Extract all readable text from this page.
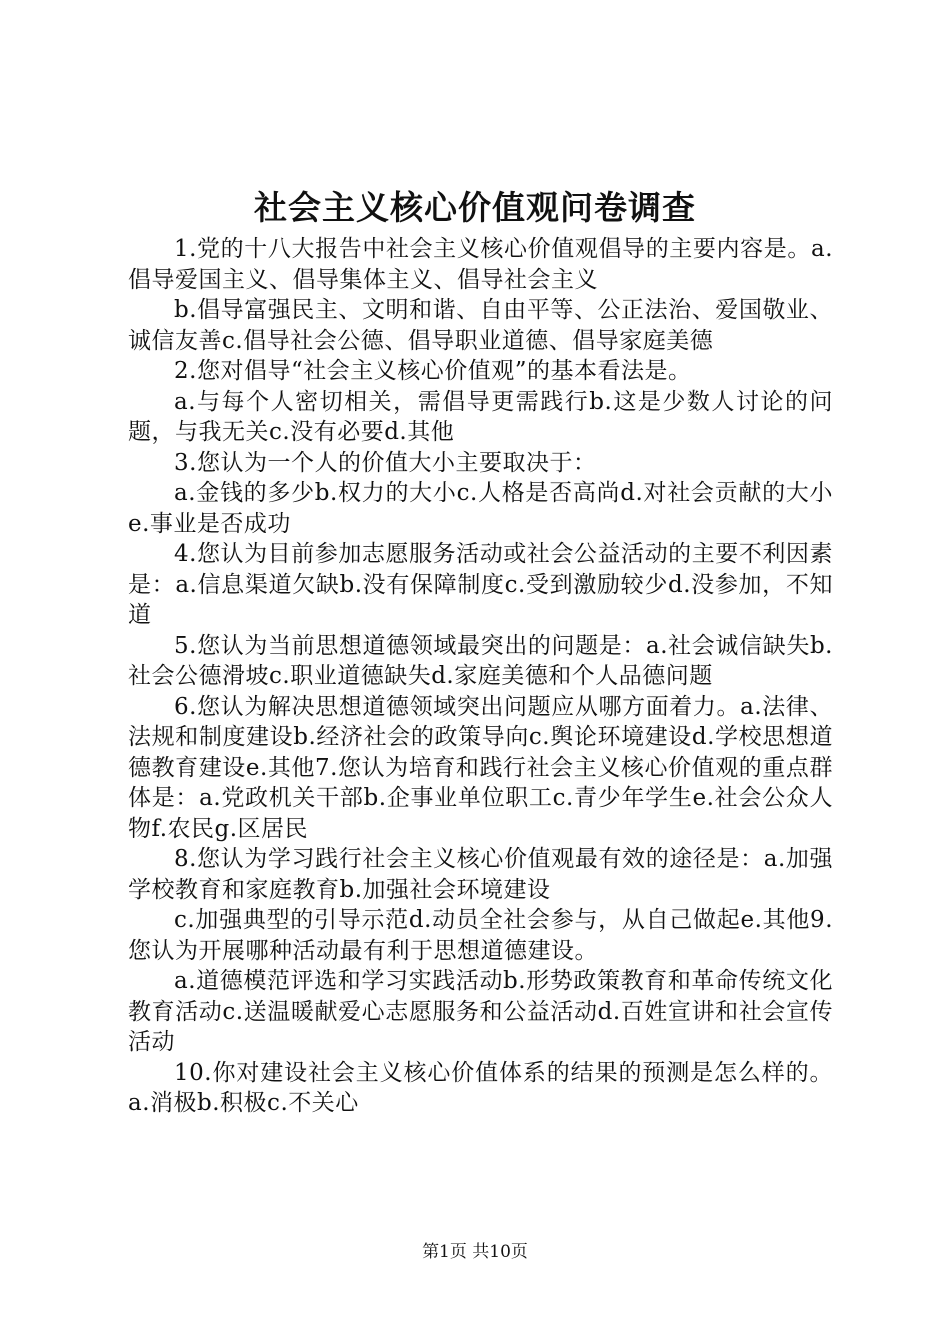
社会主义核心价值观问卷调查

1.党的十八大报告中社会主义核心价值观倡导的主要内容是。a.倡导爱国主义、倡导集体主义、倡导社会主义

b.倡导富强民主、文明和谐、自由平等、公正法治、爱国敬业、诚信友善c.倡导社会公德、倡导职业道德、倡导家庭美德

2.您对倡导“社会主义核心价值观”的基本看法是。

a.与每个人密切相关，需倡导更需践行b.这是少数人讨论的问题，与我无关c.没有必要d.其他

3.您认为一个人的价值大小主要取决于：

a.金钱的多少b.权力的大小c.人格是否高尚d.对社会贡献的大小e.事业是否成功

4.您认为目前参加志愿服务活动或社会公益活动的主要不利因素是：a.信息渠道欠缺b.没有保障制度c.受到激励较少d.没参加，不知道

5.您认为当前思想道德领域最突出的问题是：a.社会诚信缺失b.社会公德滑坡c.职业道德缺失d.家庭美德和个人品德问题

6.您认为解决思想道德领域突出问题应从哪方面着力。a.法律、法规和制度建设b.经济社会的政策导向c.舆论环境建设d.学校思想道德教育建设e.其他7.您认为培育和践行社会主义核心价值观的重点群体是：a.党政机关干部b.企事业单位职工c.青少年学生e.社会公众人物f.农民g.区居民

8.您认为学习践行社会主义核心价值观最有效的途径是：a.加强学校教育和家庭教育b.加强社会环境建设

c.加强典型的引导示范d.动员全社会参与，从自己做起e.其他9.您认为开展哪种活动最有利于思想道德建设。

a.道德模范评选和学习实践活动b.形势政策教育和革命传统文化教育活动c.送温暖献爱心志愿服务和公益活动d.百姓宣讲和社会宣传活动

10.你对建设社会主义核心价值体系的结果的预测是怎么样的。a.消极b.积极c.不关心

第1页 共10页
